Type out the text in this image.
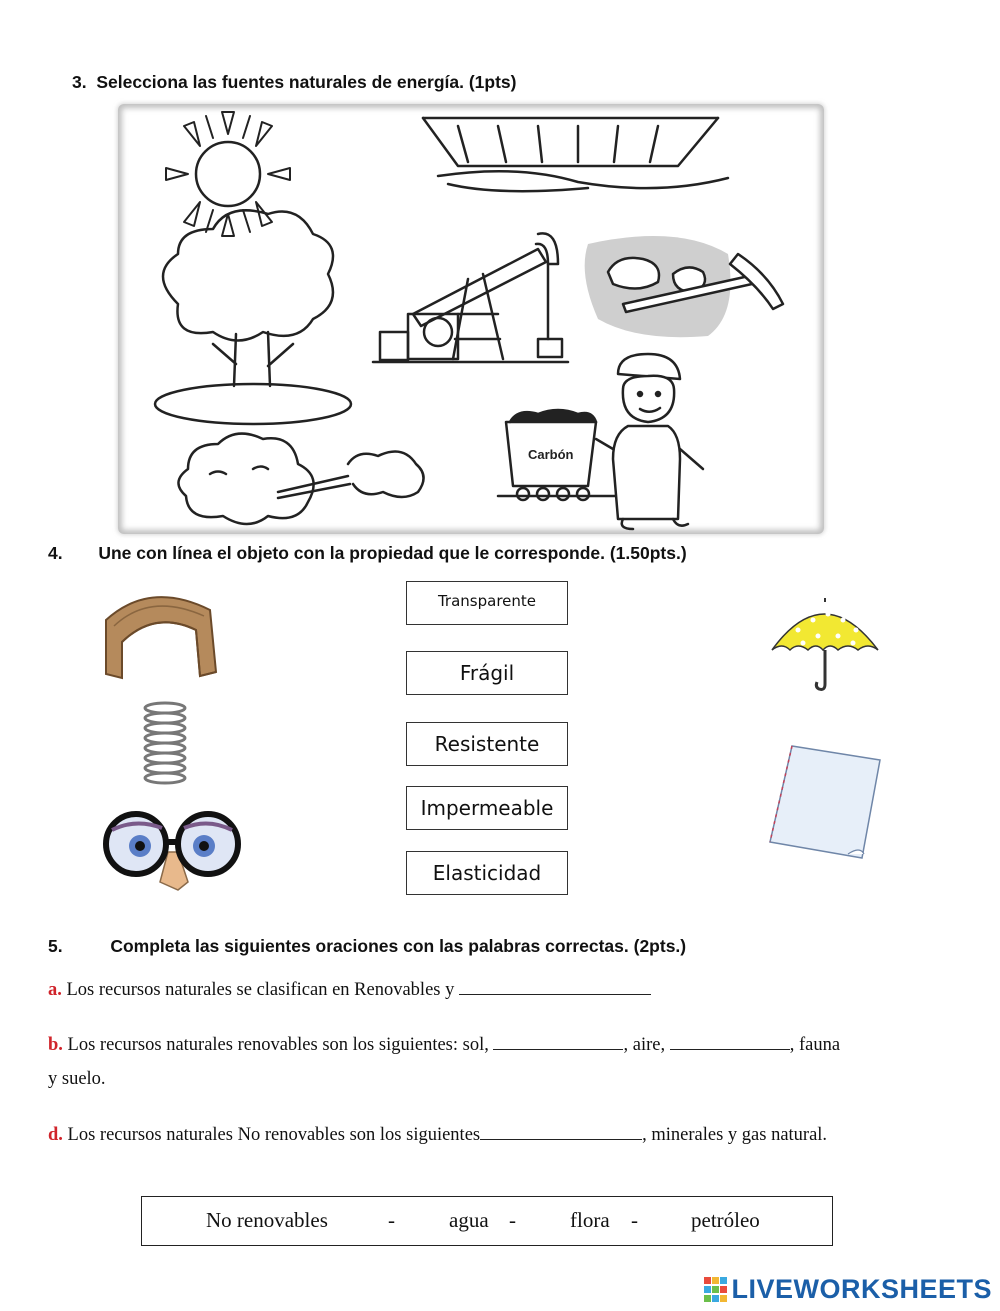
3. Selecciona las fuentes naturales de energía. (1pts)
Carbón
4. Une con línea el objeto con la propiedad que le corresponde. (1.50pts.)
Transparente
Frágil
Resistente
Impermeable
Elasticidad
5.	Completa las siguientes oraciones con las palabras correctas. (2pts.)
a. Los recursos naturales se clasifican en Renovables y
b. Los recursos naturales renovables son los siguientes: sol,	, aire,	, fauna
y suelo.
d. Los recursos naturales No renovables son los siguientes	, minerales y gas natural.
No renovables	-	agua -	flora -	petróleo
LIVEWORKSHEETS
